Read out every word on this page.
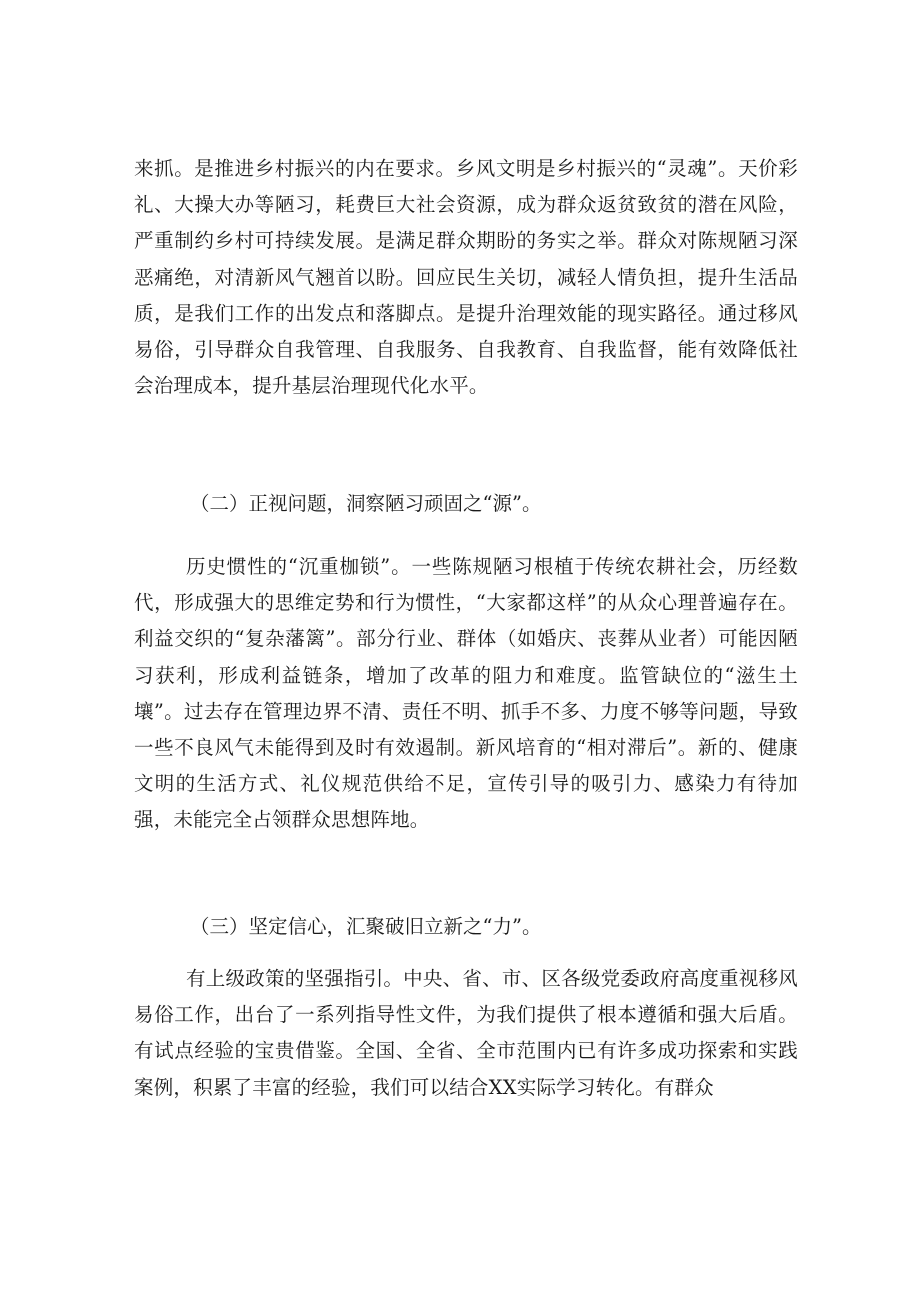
来抓。是推进乡村振兴的内在要求。乡风文明是乡村振兴的“灵魂”。天价彩礼、大操大办等陋习，耗费巨大社会资源，成为群众返贫致贫的潜在风险，严重制约乡村可持续发展。是满足群众期盼的务实之举。群众对陈规陋习深恶痛绝，对清新风气翘首以盼。回应民生关切，减轻人情负担，提升生活品质，是我们工作的出发点和落脚点。是提升治理效能的现实路径。通过移风易俗，引导群众自我管理、自我服务、自我教育、自我监督，能有效降低社会治理成本，提升基层治理现代化水平。

（二）正视问题，洞察陋习顽固之“源”。

历史惯性的“沉重枷锁”。一些陈规陋习根植于传统农耕社会，历经数代，形成强大的思维定势和行为惯性，“大家都这样”的从众心理普遍存在。利益交织的“复杂藩篱”。部分行业、群体（如婚庆、丧葬从业者）可能因陋习获利，形成利益链条，增加了改革的阻力和难度。监管缺位的“滋生土壤”。过去存在管理边界不清、责任不明、抓手不多、力度不够等问题，导致一些不良风气未能得到及时有效遏制。新风培育的“相对滞后”。新的、健康文明的生活方式、礼仪规范供给不足，宣传引导的吸引力、感染力有待加强，未能完全占领群众思想阵地。

（三）坚定信心，汇聚破旧立新之“力”。

有上级政策的坚强指引。中央、省、市、区各级党委政府高度重视移风易俗工作，出台了一系列指导性文件，为我们提供了根本遵循和强大后盾。有试点经验的宝贵借鉴。全国、全省、全市范围内已有许多成功探索和实践案例，积累了丰富的经验，我们可以结合XX实际学习转化。有群众
